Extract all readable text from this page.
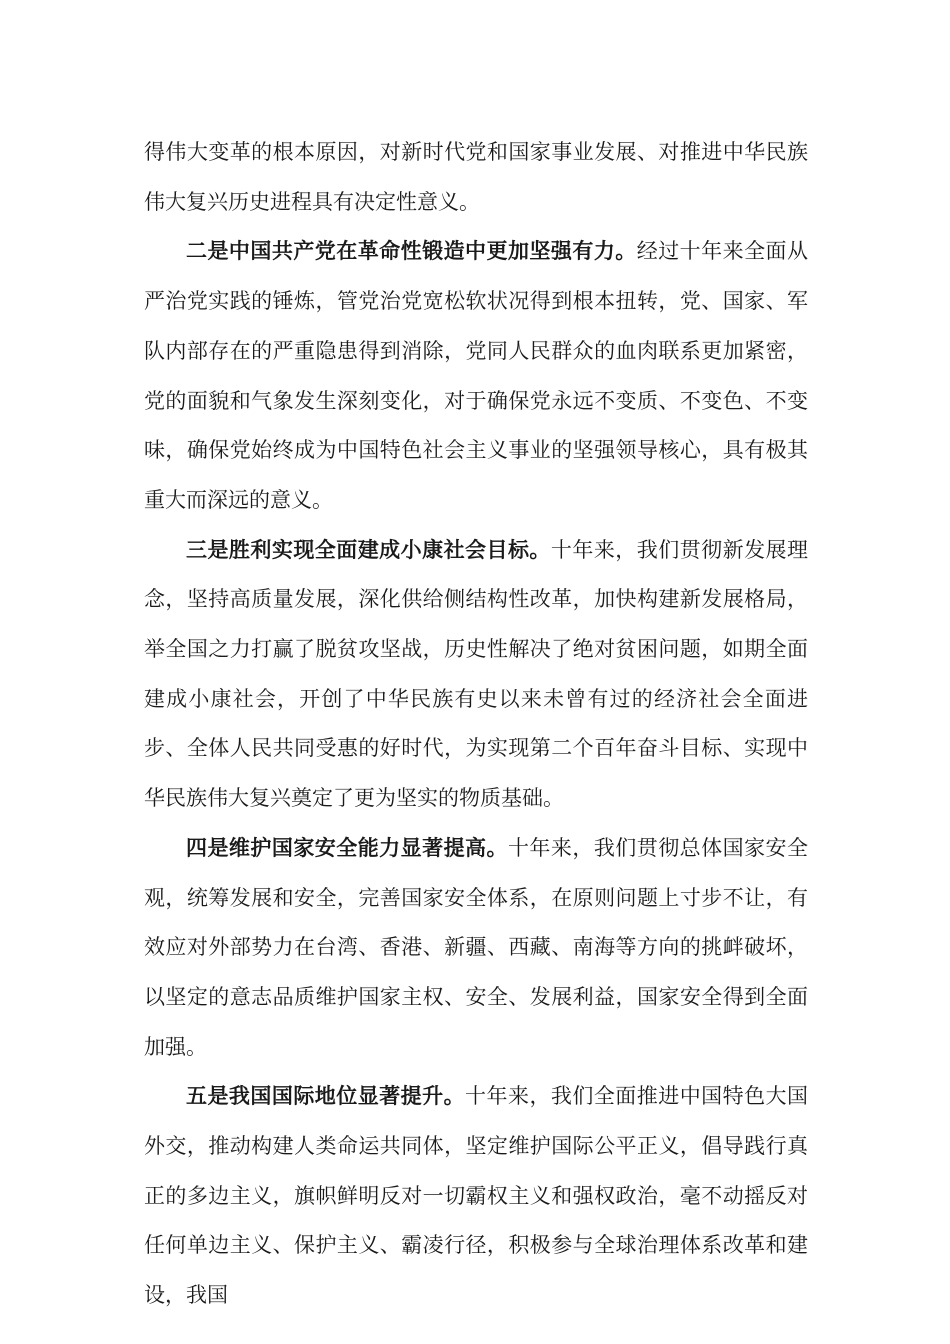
得伟大变革的根本原因，对新时代党和国家事业发展、对推进中华民族伟大复兴历史进程具有决定性意义。

二是中国共产党在革命性锻造中更加坚强有力。经过十年来全面从严治党实践的锤炼，管党治党宽松软状况得到根本扭转，党、国家、军队内部存在的严重隐患得到消除，党同人民群众的血肉联系更加紧密，党的面貌和气象发生深刻变化，对于确保党永远不变质、不变色、不变味，确保党始终成为中国特色社会主义事业的坚强领导核心，具有极其重大而深远的意义。

三是胜利实现全面建成小康社会目标。十年来，我们贯彻新发展理念，坚持高质量发展，深化供给侧结构性改革，加快构建新发展格局，举全国之力打赢了脱贫攻坚战，历史性解决了绝对贫困问题，如期全面建成小康社会，开创了中华民族有史以来未曾有过的经济社会全面进步、全体人民共同受惠的好时代，为实现第二个百年奋斗目标、实现中华民族伟大复兴奠定了更为坚实的物质基础。

四是维护国家安全能力显著提高。十年来，我们贯彻总体国家安全观，统筹发展和安全，完善国家安全体系，在原则问题上寸步不让，有效应对外部势力在台湾、香港、新疆、西藏、南海等方向的挑衅破坏，以坚定的意志品质维护国家主权、安全、发展利益，国家安全得到全面加强。

五是我国国际地位显著提升。十年来，我们全面推进中国特色大国外交，推动构建人类命运共同体，坚定维护国际公平正义，倡导践行真正的多边主义，旗帜鲜明反对一切霸权主义和强权政治，毫不动摇反对任何单边主义、保护主义、霸凌行径，积极参与全球治理体系改革和建设，我国
